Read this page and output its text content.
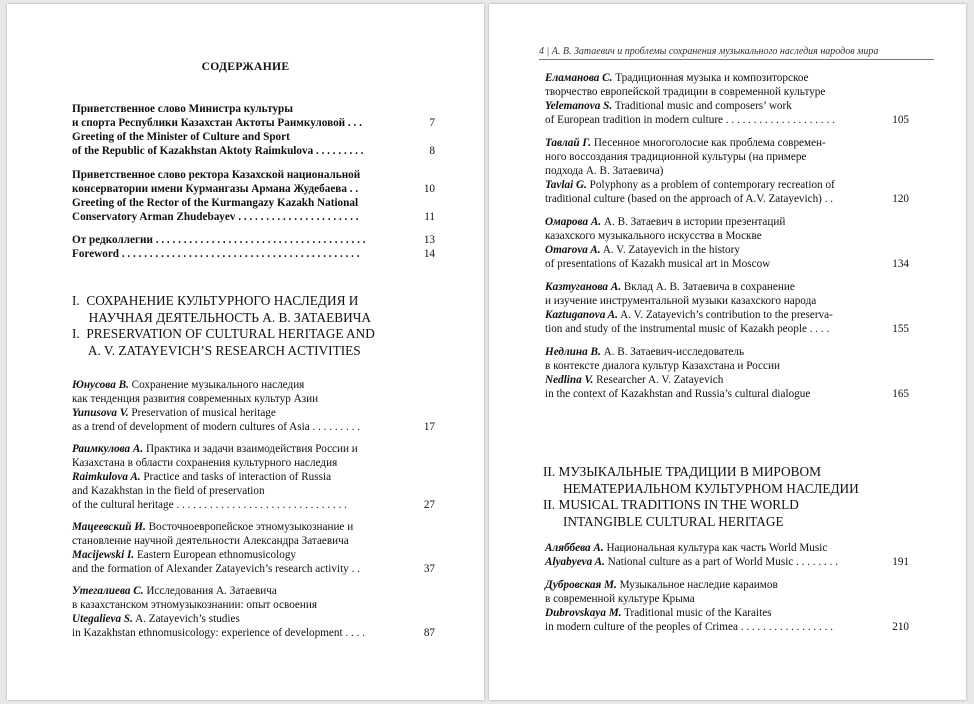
СОДЕРЖАНИЕ
Приветственное слово Министра культуры
и спорта Республики Казахстан Актоты Раимкуловой . . .	7
Greeting of the Minister of Culture and Sport
of the Republic of Kazakhstan Aktoty Raimkulova . . . . . . . . .	8
Приветственное слово ректора Казахской национальной
консерватории имени Курмангазы Армана Жудебаева . .	10
Greeting of the Rector of the Kurmangazy Kazakh National
Conservatory Arman Zhudebayev . . . . . . . . . . . . . . . . . . . . . .	11
От редколлегии . . . . . . . . . . . . . . . . . . . . . . . . . . . . . . . . . . . . . .	13
Foreword . . . . . . . . . . . . . . . . . . . . . . . . . . . . . . . . . . . . . . . . . . .	14
I.  СОХРАНЕНИЕ КУЛЬТУРНОГО НАСЛЕДИЯ И
НАУЧНАЯ ДЕЯТЕЛЬНОСТЬ А. В. ЗАТАЕВИЧА
I.  PRESERVATION OF CULTURAL HERITAGE AND
A. V. ZATAYEVICH’S RESEARCH ACTIVITIES
Юнусова В. Сохранение музыкального наследия
как тенденция развития современных культур Азии
Yunusova V. Preservation of musical heritage
as a trend of development of modern cultures of Asia . . . . . . . . .	17
Раимкулова А. Практика и задачи взаимодействия России и
Казахстана в области сохранения культурного наследия
Raimkulova A. Practice and tasks of interaction of Russia
and Kazakhstan in the field of preservation
of the cultural heritage . . . . . . . . . . . . . . . . . . . . . . . . . . . . . . .	27
Мацеевский И. Восточноевропейское этномузыкознание и
становление научной деятельности Александра Затаевича
Macijewski I. Eastern European ethnomusicology
and the formation of Alexander Zatayevich’s research activity . .	37
Утегалиева С. Исследования А. Затаевича
в казахстанском этномузыкознании: опыт освоения
Utegalieva S. A. Zatayevich’s studies
in Kazakhstan ethnomusicology: experience of development . . . .	87
4 | А. В. Затаевич и проблемы сохранения музыкального наследия народов мира
Еламанова С. Традиционная музыка и композиторское
творчество европейской традиции в современной культуре
Yelemanova S. Traditional music and composers’ work
of European tradition in modern culture . . . . . . . . . . . . . . . . . . . .	105
Тавлай Г. Песенное многоголосие как проблема современ-
ного воссоздания традиционной культуры (на примере
подхода А. В. Затаевича)
Tavlai G. Polyphony as a problem of contemporary recreation of
traditional culture (based on the approach of A.V. Zatayevich) . .	120
Омарова А. А. В. Затаевич в истории презентаций
казахского музыкального искусства в Москве
Omarova A. A. V. Zatayevich in the history
of presentations of Kazakh musical art in Moscow	134
Казтуганова А. Вклад А. В. Затаевича в сохранение
и изучение инструментальной музыки казахского народа
Kaztuganova A. A. V. Zatayevich’s contribution to the preserva-
tion and study of the instrumental music of Kazakh people . . . .	155
Недлина В. А. В. Затаевич-исследователь
в контексте диалога культур Казахстана и России
Nedlina V. Researcher A. V. Zatayevich
in the context of Kazakhstan and Russia’s cultural dialogue	165
II. МУЗЫКАЛЬНЫЕ ТРАДИЦИИ В МИРОВОМ
НЕМАТЕРИАЛЬНОМ КУЛЬТУРНОМ НАСЛЕДИИ
II. MUSICAL TRADITIONS IN THE WORLD
INTANGIBLE CULTURAL HERITAGE
Аляббева А. Национальная культура как часть World Music
Alyabyeva A. National culture as a part of World Music . . . . . . . .	191
Дубровская М. Музыкальное наследие караимов
в современной культуре Крыма
Dubrovskaya M. Traditional music of the Karaites
in modern culture of the peoples of Crimea . . . . . . . . . . . . . . . . .	210
